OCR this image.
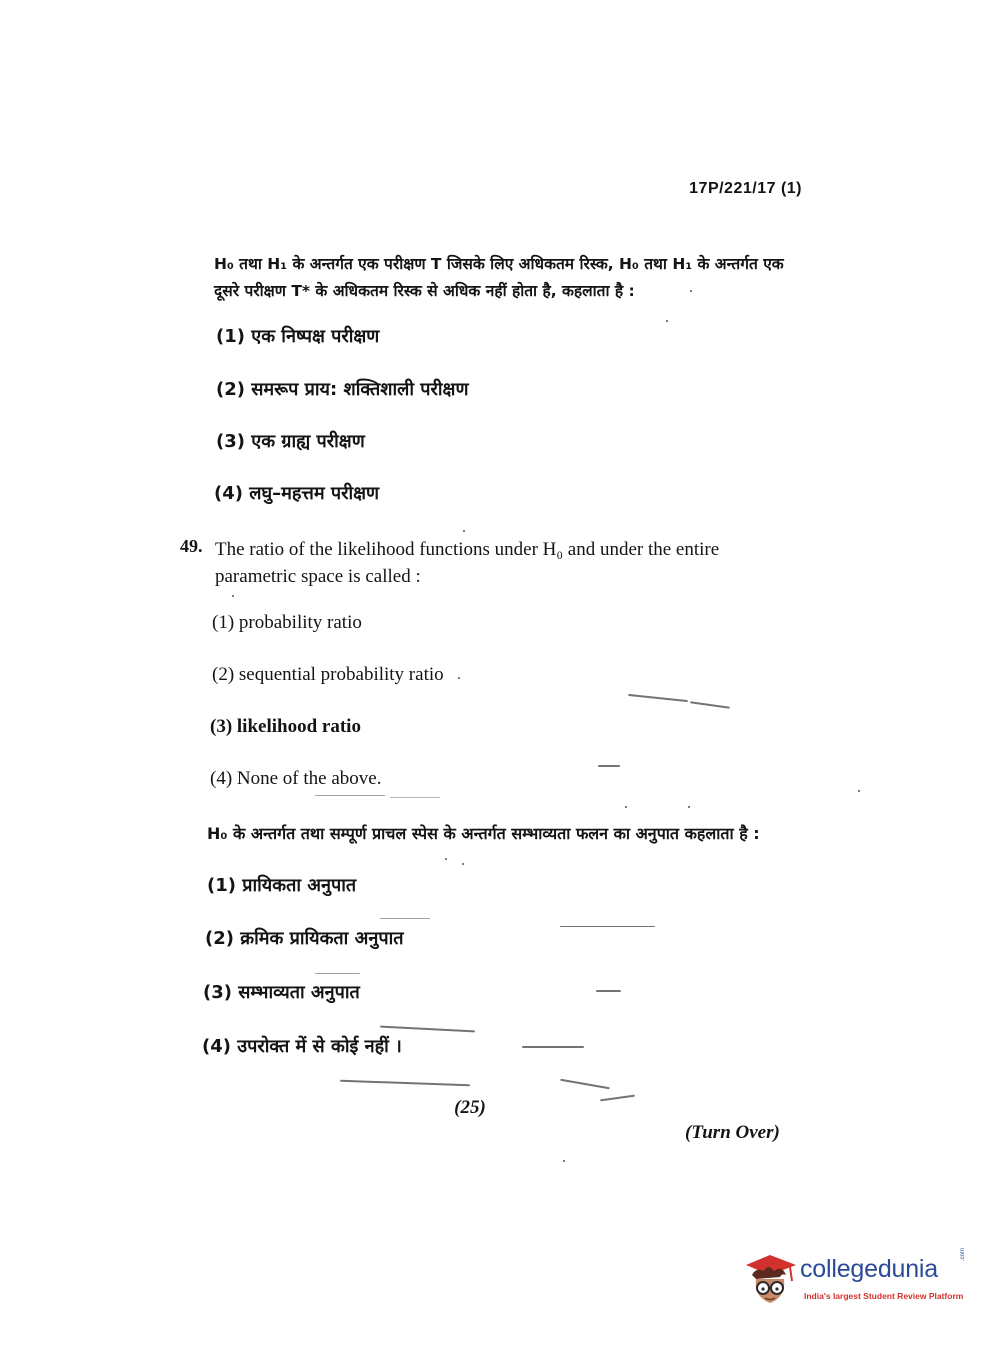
17P/221/17 (1)
H₀ तथा H₁ के अन्तर्गत एक परीक्षण T जिसके लिए अधिकतम रिस्क, H₀ तथा H₁ के अन्तर्गत एक दूसरे परीक्षण T* के अधिकतम रिस्क से अधिक नहीं होता है, कहलाता है :
(1) एक निष्पक्ष परीक्षण
(2) समरूप प्राय: शक्तिशाली परीक्षण
(3) एक ग्राह्य परीक्षण
(4) लघु–महत्तम परीक्षण
49. The ratio of the likelihood functions under H₀ and under the entire parametric space is called :
(1) probability ratio
(2) sequential probability ratio
(3) likelihood ratio
(4) None of the above.
H₀ के अन्तर्गत तथा सम्पूर्ण प्राचल स्पेस के अन्तर्गत सम्भाव्यता फलन का अनुपात कहलाता है :
(1) प्रायिकता अनुपात
(2) क्रमिक प्रायिकता अनुपात
(3) सम्भाव्यता अनुपात
(4) उपरोक्त में से कोई नहीं ।
(25)
(Turn Over)
collegedunia
.com
India's largest Student Review Platform
